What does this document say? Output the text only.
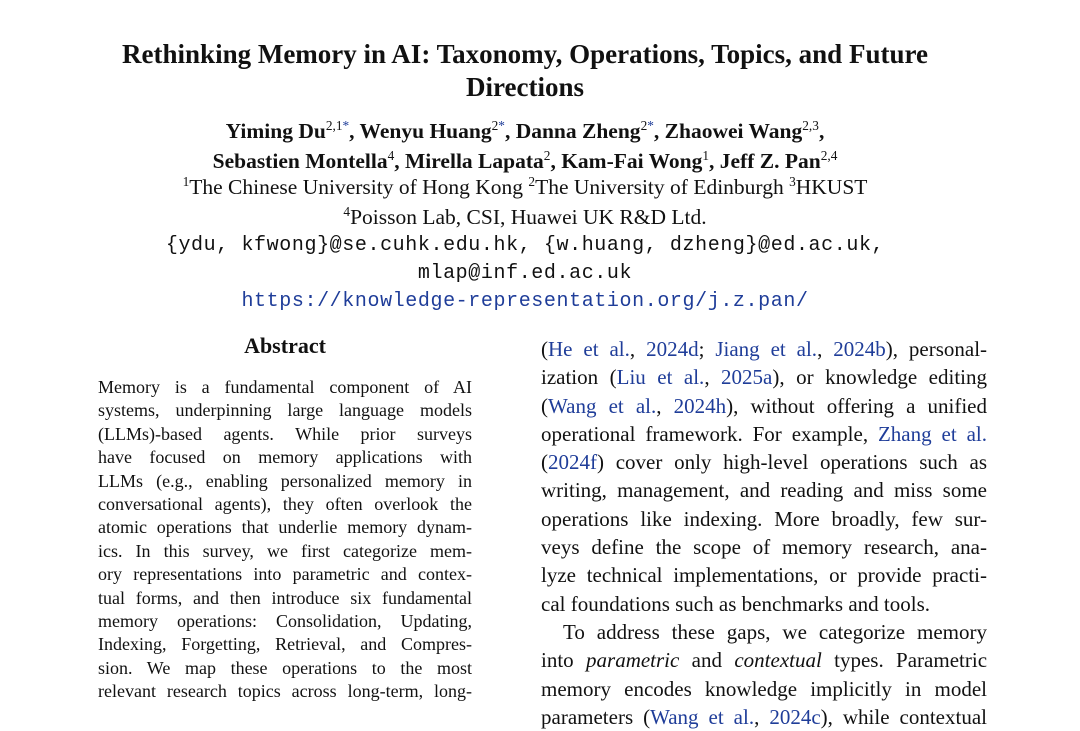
Rethinking Memory in AI: Taxonomy, Operations, Topics, and Future Directions
Yiming $Du^{2,1*}$, Wenyu Huang$^{2*}$, Danna Zheng$^{2*}$, Zhaowei Wang$^{2,3}$,
Sebastien Montella$^4$, Mirella Lapata$^2$, Kam-Fai Wong$^1$, Jeff Z. Pan$^{2,4}$
$^1$The Chinese University of Hong Kong $^2$The University of Edinburgh $^3$HKUST
$^4$Poisson Lab, CSI, Huawei UK R&D Ltd.
{ydu, kfwong}@se.cuhk.edu.hk, {w.huang, dzheng}@ed.ac.uk,
mlap@inf.ed.ac.uk
https://knowledge-representation.org/j.z.pan/
Abstract
Memory is a fundamental component of AI
systems, underpinning large language models
(LLMs)-based agents. While prior surveys
have focused on memory applications with
LLMs (e.g., enabling personalized memory in
conversational agents), they often overlook the
atomic operations that underlie memory dynam-
ics. In this survey, we first categorize mem-
ory representations into parametric and contex-
tual forms, and then introduce six fundamental
memory operations: Consolidation, Updating,
Indexing, Forgetting, Retrieval, and Compres-
sion. We map these operations to the most
relevant research topics across long-term, long-
(He et al., 2024d; Jiang et al., 2024b), personal-
ization (Liu et al., 2025a), or knowledge editing
(Wang et al., 2024h), without offering a unified
operational framework. For example, Zhang et al.
(2024f) cover only high-level operations such as
writing, management, and reading and miss some
operations like indexing. More broadly, few sur-
veys define the scope of memory research, ana-
lyze technical implementations, or provide practi-
cal foundations such as benchmarks and tools.
To address these gaps, we categorize memory
into parametric and contextual types. Parametric
memory encodes knowledge implicitly in model
parameters (Wang et al., 2024c), while contextual
